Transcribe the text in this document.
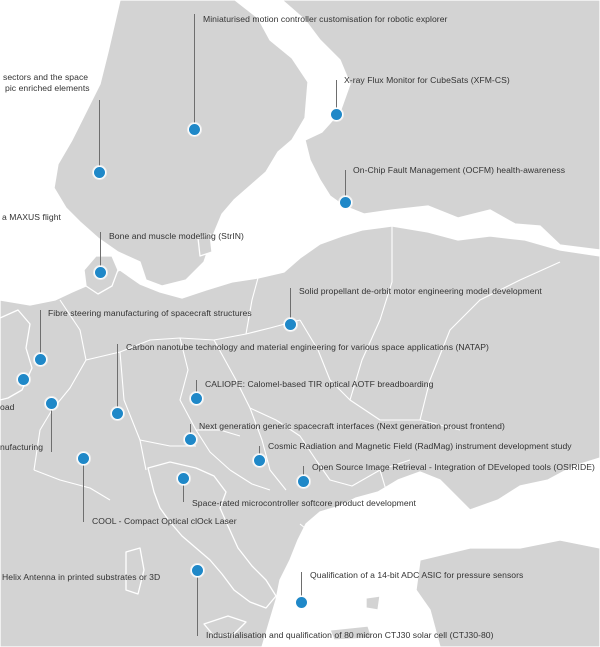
Miniaturised motion controller customisation for robotic explorer
X-ray Flux Monitor for CubeSats (XFM-CS)
sectors and the space
pic enriched elements
On-Chip Fault Management (OCFM) health-awareness
a MAXUS flight
Bone and muscle modelling (StrIN)
Solid propellant de-orbit motor engineering model development
Fibre steering manufacturing of spacecraft structures
Carbon nanotube technology and material engineering for various space applications (NATAP)
CALIOPE: Calomel-based TIR optical AOTF breadboarding
oad
Next generation generic spacecraft interfaces (Next generation proust frontend)
Cosmic Radiation and Magnetic Field (RadMag) instrument development study
nufacturing
Open Source Image Retrieval - Integration of DEveloped tools (OSIRIDE)
Space-rated microcontroller softcore product development
COOL - Compact Optical clOck Laser
Helix Antenna in printed substrates or 3D	Qualification of a 14-bit ADC ASIC for pressure sensors
Industrialisation and qualification of 80 micron CTJ30 solar cell (CTJ30-80)
